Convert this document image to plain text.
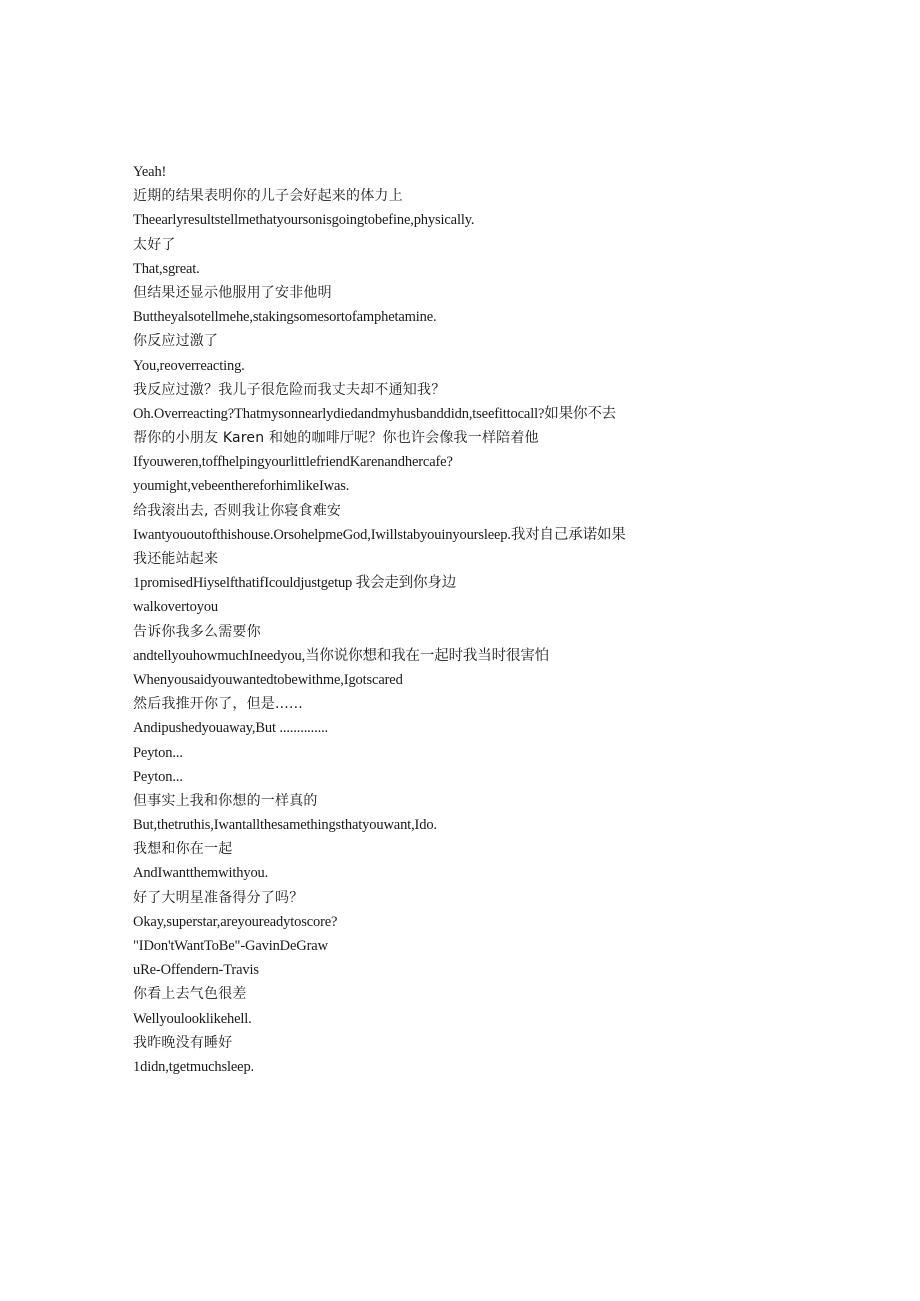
Yeah!
近期的结果表明你的儿子会好起来的体力上
Theearlyresultstellmethatyoursonisgoingtobefine,physically.
太好了
That,sgreat.
但结果还显示他服用了安非他明
Buttheyalsotellmehe,stakingsomesortofamphetamine.
你反应过激了
You,reoverreacting.
我反应过激？我儿子很危险而我丈夫却不通知我？
Oh.Overreacting?Thatmysonnearlydiedandmyhusbanddidn,tseefittocall?如果你不去
帮你的小朋友 Karen 和她的咖啡厅呢？你也许会像我一样陪着他
Ifyouweren,toffhelpingyourlittlefriendKarenandhercafe?
youmight,vebeenthereforhimlikeIwas.
给我滚出去, 否则我让你寝食难安
Iwantyououtofthishouse.OrsohelpmeGod,Iwillstabyouinyoursleep.我对自己承诺如果
我还能站起来
1promisedHiyselfthatifIcouldjustgetup 我会走到你身边
walkovertoyou
告诉你我多么需要你
andtellyouhowmuchIneedyou,当你说你想和我在一起时我当时很害怕
Whenyousaidyouwantedtobewithme,Igotscared
然后我推开你了，但是......
Andipushedyouaway,But ..............
Peyton...
Peyton...
但事实上我和你想的一样真的
But,thetruthis,Iwantallthesamethingsthatyouwant,Ido.
我想和你在一起
AndIwantthemwithyou.
好了大明星准备得分了吗？
Okay,superstar,areyoureadytoscore?
"IDon'tWantToBe"-GavinDeGraw
uRe-Offendern-Travis
你看上去气色很差
Wellyoulooklikehell.
我昨晚没有睡好
1didn,tgetmuchsleep.
